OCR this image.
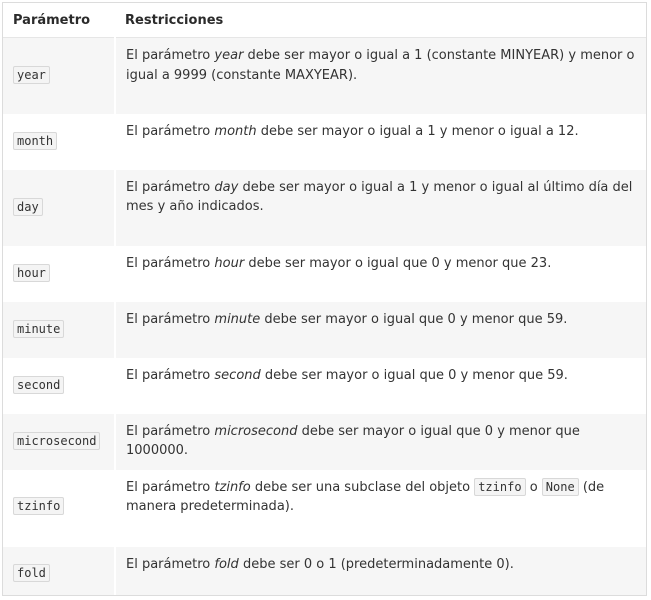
Parámetro	Restricciones
year	El parámetro year debe ser mayor o igual a 1 (constante MINYEAR) y menor o igual a 9999 (constante MAXYEAR).
month	El parámetro month debe ser mayor o igual a 1 y menor o igual a 12.
day	El parámetro day debe ser mayor o igual a 1 y menor o igual al último día del mes y año indicados.
hour	El parámetro hour debe ser mayor o igual que 0 y menor que 23.
minute	El parámetro minute debe ser mayor o igual que 0 y menor que 59.
second	El parámetro second debe ser mayor o igual que 0 y menor que 59.
microsecond	El parámetro microsecond debe ser mayor o igual que 0 y menor que 1000000.
tzinfo	El parámetro tzinfo debe ser una subclase del objeto tzinfo o None (de manera predeterminada).
fold	El parámetro fold debe ser 0 o 1 (predeterminadamente 0).
